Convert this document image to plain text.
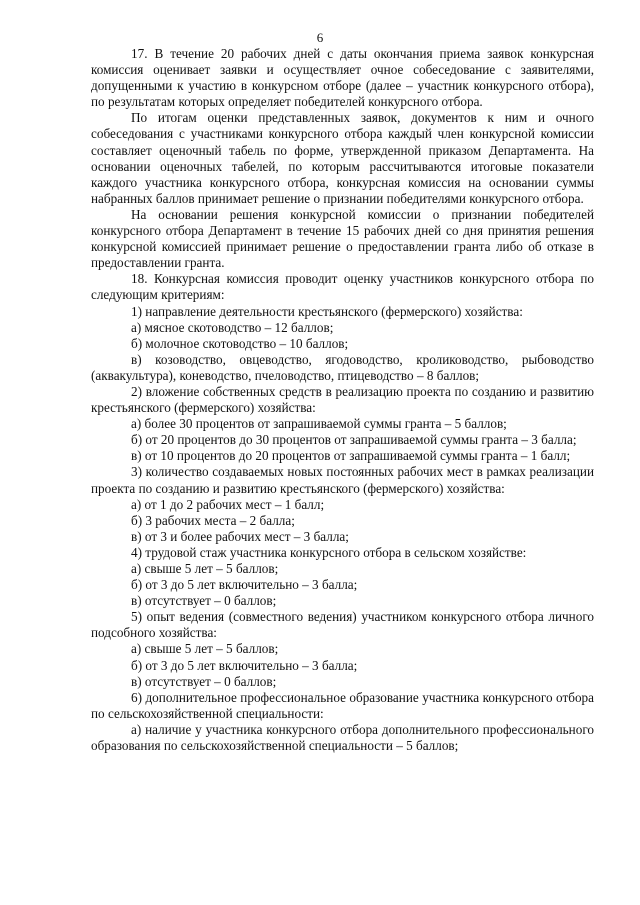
6

17. В течение 20 рабочих дней с даты окончания приема заявок конкурсная комиссия оценивает заявки и осуществляет очное собеседование с заявителями, допущенными к участию в конкурсном отборе (далее – участник конкурсного отбора), по результатам которых определяет победителей конкурсного отбора.

По итогам оценки представленных заявок, документов к ним и очного собеседования с участниками конкурсного отбора каждый член конкурсной комиссии составляет оценочный табель по форме, утвержденной приказом Департамента. На основании оценочных табелей, по которым рассчитываются итоговые показатели каждого участника конкурсного отбора, конкурсная комиссия на основании суммы набранных баллов принимает решение о признании победителями конкурсного отбора.

На основании решения конкурсной комиссии о признании победителей конкурсного отбора Департамент в течение 15 рабочих дней со дня принятия решения конкурсной комиссией принимает решение о предоставлении гранта либо об отказе в предоставлении гранта.

18. Конкурсная комиссия проводит оценку участников конкурсного отбора по следующим критериям:

1) направление деятельности крестьянского (фермерского) хозяйства:

а) мясное скотоводство – 12 баллов;

б) молочное скотоводство – 10 баллов;

в) козоводство, овцеводство, ягодоводство, кролиководство, рыбоводство (аквакультура), коневодство, пчеловодство, птицеводство – 8 баллов;

2) вложение собственных средств в реализацию проекта по созданию и развитию крестьянского (фермерского) хозяйства:

а) более 30 процентов от запрашиваемой суммы гранта – 5 баллов;

б) от 20 процентов до 30 процентов от запрашиваемой суммы гранта – 3 балла;

в) от 10 процентов до 20 процентов от запрашиваемой суммы гранта – 1 балл;

3) количество создаваемых новых постоянных рабочих мест в рамках реализации проекта по созданию и развитию крестьянского (фермерского) хозяйства:

а) от 1 до 2 рабочих мест – 1 балл;

б) 3 рабочих места – 2 балла;

в) от 3 и более рабочих мест – 3 балла;

4) трудовой стаж участника конкурсного отбора в сельском хозяйстве:

а) свыше 5 лет – 5 баллов;

б) от 3 до 5 лет включительно – 3 балла;

в) отсутствует – 0 баллов;

5) опыт ведения (совместного ведения) участником конкурсного отбора личного подсобного хозяйства:

а) свыше 5 лет – 5 баллов;

б) от 3 до 5 лет включительно – 3 балла;

в) отсутствует – 0 баллов;

6) дополнительное профессиональное образование участника конкурсного отбора по сельскохозяйственной специальности:

а) наличие у участника конкурсного отбора дополнительного профессионального образования по сельскохозяйственной специальности – 5 баллов;
